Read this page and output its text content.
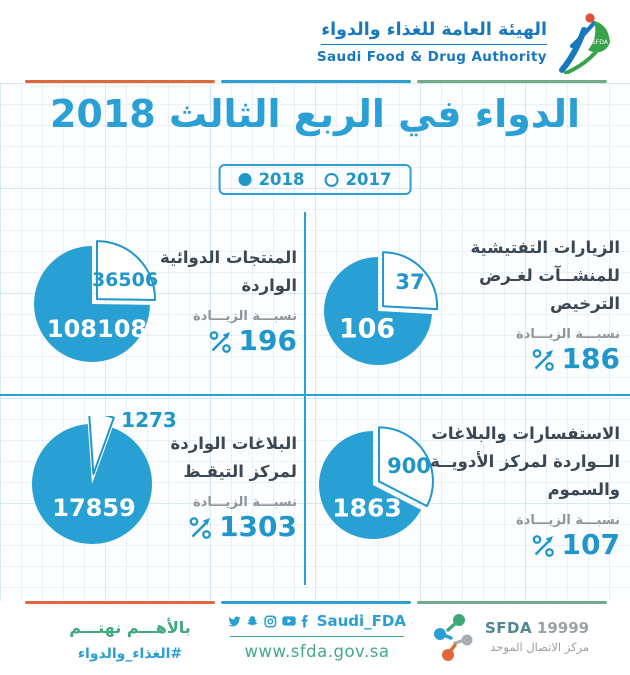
الهيئة العامة للغذاء والدواء
Saudi Food & Drug Authority
SFDA
الدواء في الربع الثالث 2018
2018 2017
106
37
الزيارات التفتيشية
للمنشــآت لغـرض
الترخيص
نسبـــة الزيـــادة
186
108108
36506
المنتجات الدوائية
الواردة
نسبـــة الزيـــادة
196
1863
900
الاستفسارات والبلاغات
الــواردة لمركز الأدويــة
والسموم
نسبـــة الزيـــادة
107
17859
1273
البلاغات الواردة
لمركز التيقـظ
نسبـــة الزيـــادة
1303
بالأهـــم نهتـــم
#الغذاء_والدواء
Saudi_FDA
www.sfda.gov.sa
SFDA 19999
مركز الاتصال الموحد
